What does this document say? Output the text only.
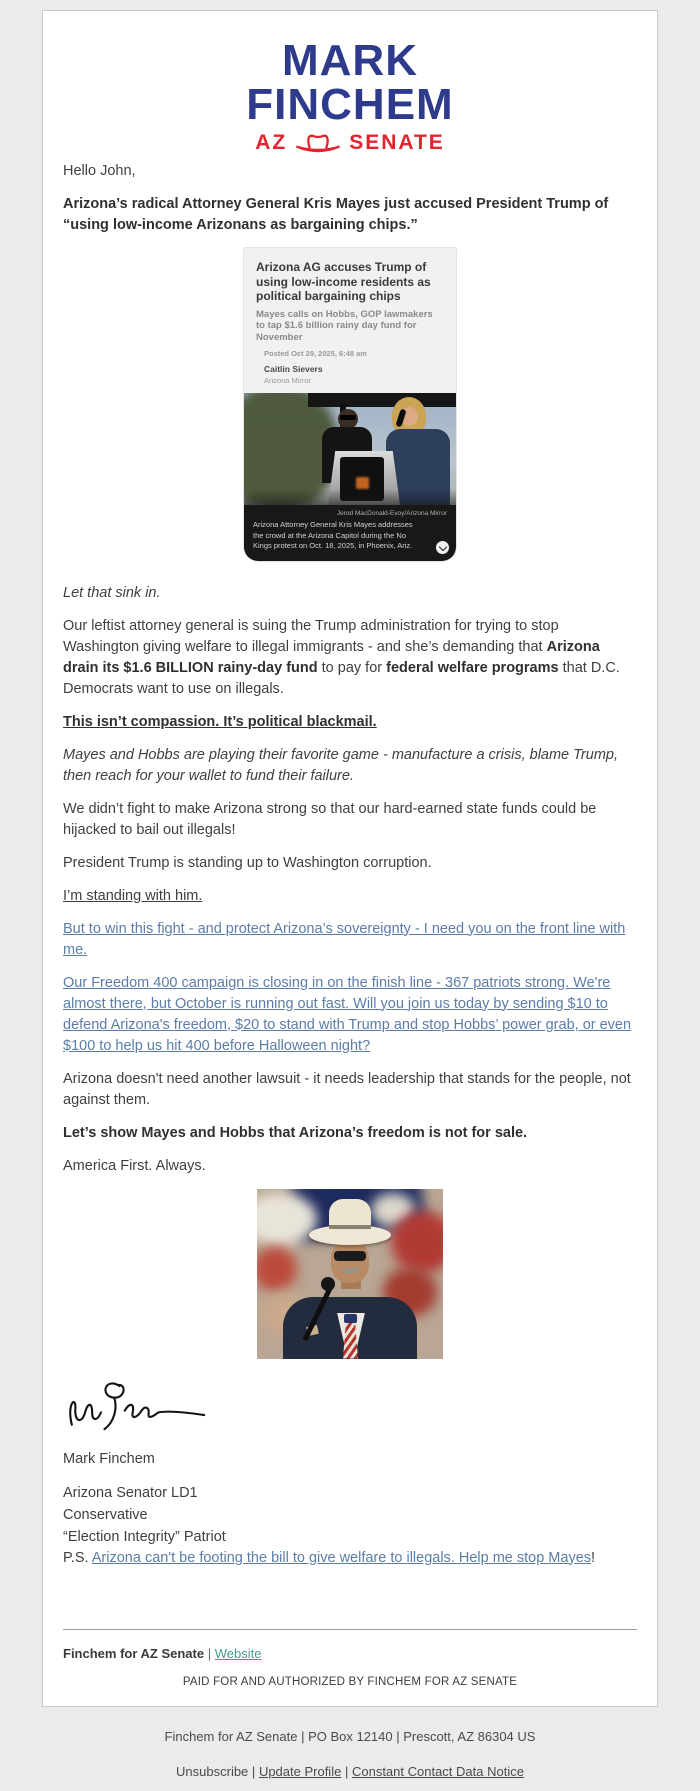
MARK
FINCHEM
AZ	SENATE

Hello John,

Arizona’s radical Attorney General Kris Mayes just accused President Trump of “using low-income Arizonans as bargaining chips.”

Arizona AG accuses Trump of using low-income residents as political bargaining chips
Mayes calls on Hobbs, GOP lawmakers to tap $1.6 billion rainy day fund for November
Posted Oct 29, 2025, 6:48 am
Caitlin Sievers
Arizona Mirror
Jerod MacDonald-Evoy/Arizona Mirror
Arizona Attorney General Kris Mayes addresses the crowd at the Arizona Capitol during the No Kings protest on Oct. 18, 2025, in Phoenix, Ariz.

Let that sink in.

Our leftist attorney general is suing the Trump administration for trying to stop Washington giving welfare to illegal immigrants - and she’s demanding that Arizona drain its $1.6 BILLION rainy-day fund to pay for federal welfare programs that D.C. Democrats want to use on illegals.

This isn’t compassion. It’s political blackmail.

Mayes and Hobbs are playing their favorite game - manufacture a crisis, blame Trump, then reach for your wallet to fund their failure.

We didn’t fight to make Arizona strong so that our hard-earned state funds could be hijacked to bail out illegals!

President Trump is standing up to Washington corruption.

I’m standing with him.

But to win this fight - and protect Arizona’s sovereignty - I need you on the front line with me.

Our Freedom 400 campaign is closing in on the finish line - 367 patriots strong. We're almost there, but October is running out fast. Will you join us today by sending $10 to defend Arizona's freedom, $20 to stand with Trump and stop Hobbs’ power grab, or even $100 to help us hit 400 before Halloween night?

Arizona doesn't need another lawsuit - it needs leadership that stands for the people, not against them.

Let’s show Mayes and Hobbs that Arizona’s freedom is not for sale.

America First. Always.

Mark Finchem

Arizona Senator LD1
Conservative
“Election Integrity” Patriot

P.S. Arizona can't be footing the bill to give welfare to illegals. Help me stop Mayes!

Finchem for AZ Senate | Website
PAID FOR AND AUTHORIZED BY FINCHEM FOR AZ SENATE
Finchem for AZ Senate | PO Box 12140 | Prescott, AZ 86304 US
Unsubscribe | Update Profile | Constant Contact Data Notice
